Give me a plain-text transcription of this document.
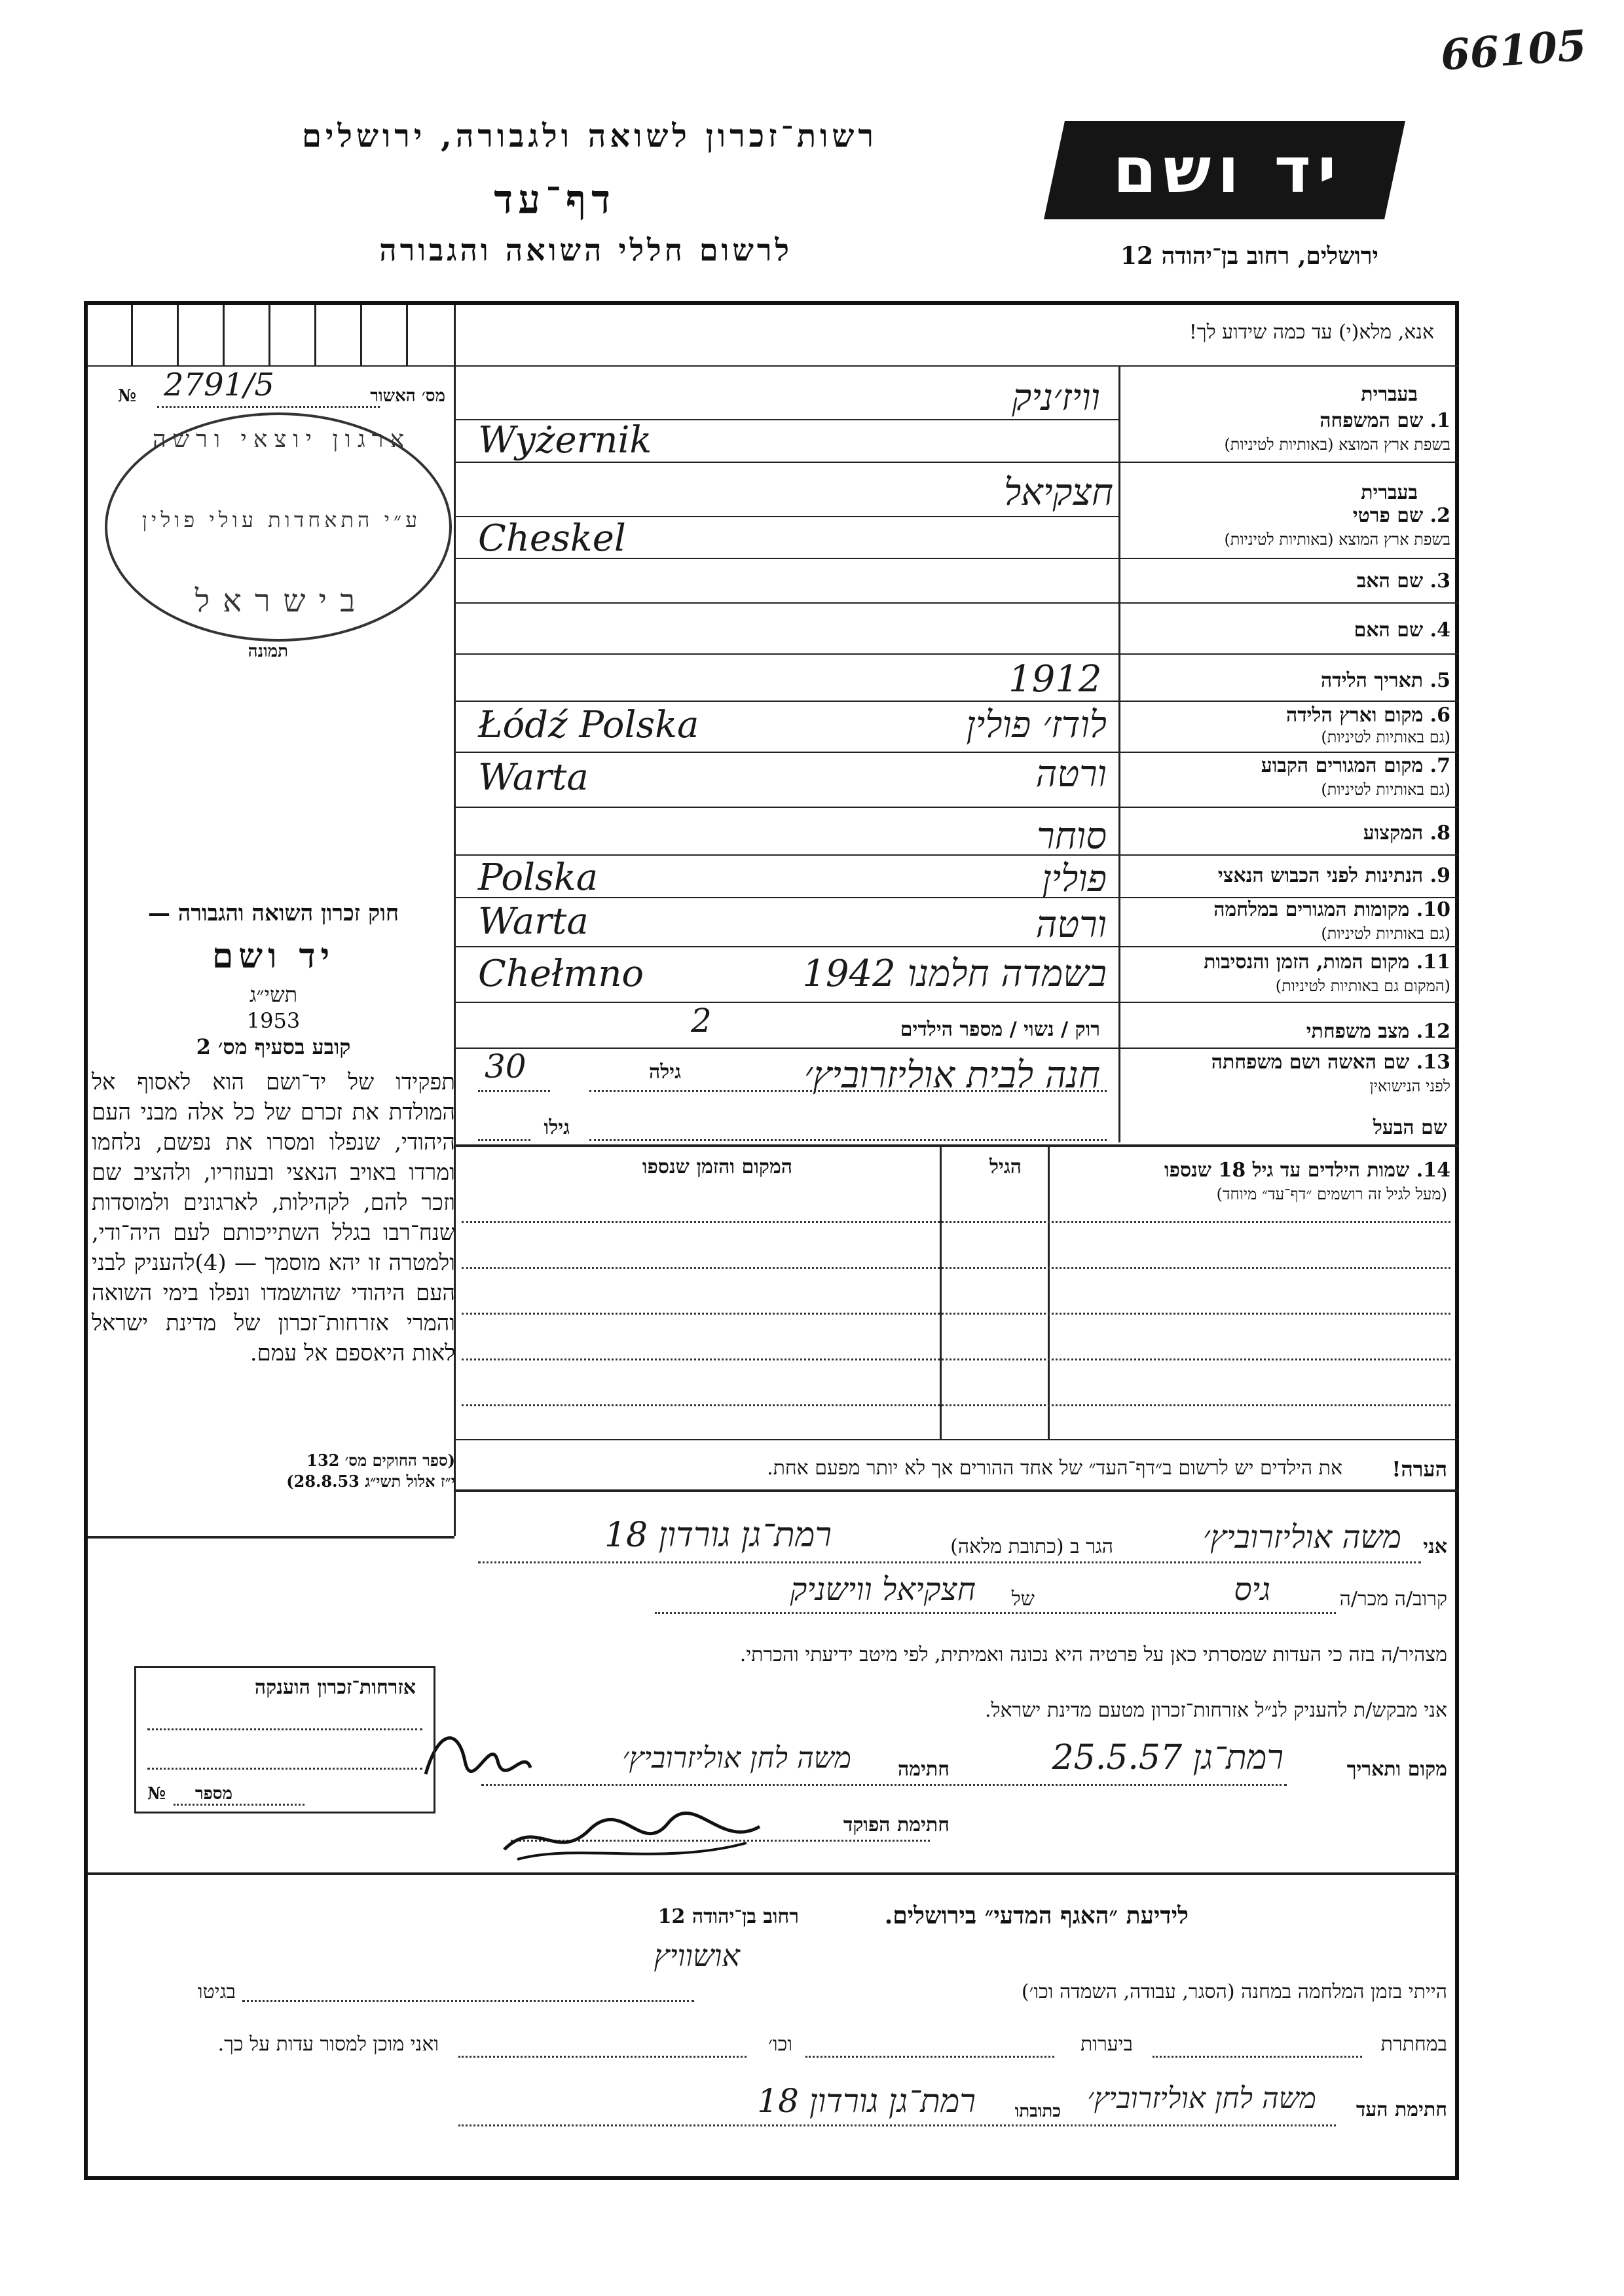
66105
רשות־זכרון לשואה ולגבורה, ירושלים
דף־עד
לרשום חללי השואה והגבורה
יד ושם
ירושלים, רחוב בן־יהודה 12
אנא, מלא(י) עד כמה שידוע לך!
№ 2791/5	מס׳ האשור
ארגון יוצאי ורשה
ע״י התאחדות עולי פולין
בישראל
תמונה
בעברית
וויז׳ניק
1. שם המשפחה
בשפת ארץ המוצא (באותיות לטיניות)
Wyżernik
בעברית
חצקיאל
2. שם פרטי
בשפת ארץ המוצא (באותיות לטיניות)
Cheskel
3. שם האב
4. שם האם
5. תאריך הלידה
1912
Łódź Polska	לודז׳ פולין	6. מקום וארץ הלידה
(גם באותיות לטיניות)
Warta	ורטה	7. מקום המגורים הקבוע
(גם באותיות לטיניות)
סוחר	8. המקצוע
Polska	פולין	9. הנתינות לפני הכבוש הנאצי
Warta	ורטה	10. מקומות המגורים במלחמה
(גם באותיות לטיניות)
Chełmno	בשמדה חלמנו 1942	11. מקום המות, הזמן והנסיבות
(המקום גם באותיות לטיניות)
רוק / נשוי / מספר הילדים
2	12. מצב משפחתי
30	גילה	חנה לבית אוליזרוביץ׳	13. שם האשה ושם משפחתה
לפני הנישואין
שם הבעל
גילו
14. שמות הילדים עד גיל 18 שנספו
(מעל לגיל זה רושמים ״דף־עד״ מיוחד)
הגיל
המקום והזמן שנספו
הערה!
את הילדים יש לרשום ב״דף־העד״ של אחד ההורים אך לא יותר מפעם אחת.
חוק זכרון השואה והגבורה —
יד ושם
תשי״ג
1953
קובע בסעיף מס׳ 2
תפקידו של יד־ושם הוא לאסוף אל המולדת את זכרם של כל אלה מבני העם היהודי, שנפלו ומסרו את נפשם, נלחמו ומרדו באויב הנאצי ובעוזריו, ולהציב שם וזכר להם, לקהילות, לארגונים ולמוסדות שנח־רבו בגלל השתייכותם לעם היה־ודי, ולמטרה זו יהא מוסמך — (4)להעניק לבני העם היהודי שהושמדו ונפלו בימי השואה והמרי אזרחות־זכרון של מדינת ישראל לאות היאספם אל עמם.
(ספר החוקים מס׳ 132
י״ז אלול תשי״ג 28.8.53)
אני
משה אוליזרוביץ׳
הגר ב (כתובת מלאה)
רמת־גן גורדון 18
קרוב/ה מכר/ה
גיס
של
חצקיאל ווישניק
מצהיר/ה בזה כי העדות שמסרתי כאן על פרטיה היא נכונה ואמיתית, לפי מיטב ידיעתי והכרתי.
אני מבקש/ת להעניק לנ״ל אזרחות־זכרון מטעם מדינת ישראל.
מקום ותאריך
רמת־גן 25.5.57
חתימה
משה לחן אוליזרוביץ׳
חתימת הפוקד
אזרחות־זכרון הוענקה
№ מספר
לידיעת ״האגף המדעי״ בירושלים.
רחוב בן־יהודה 12
אושוויץ
הייתי בזמן המלחמה במחנה (הסגר, עבודה, השמדה וכו׳)
בגיטו
במחתרת
ביערות
וכו׳
ואני מוכן למסור עדות על כך.
חתימת העד
משה לחן אוליזרוביץ׳
כתובתו
רמת־גן גורדון 18
